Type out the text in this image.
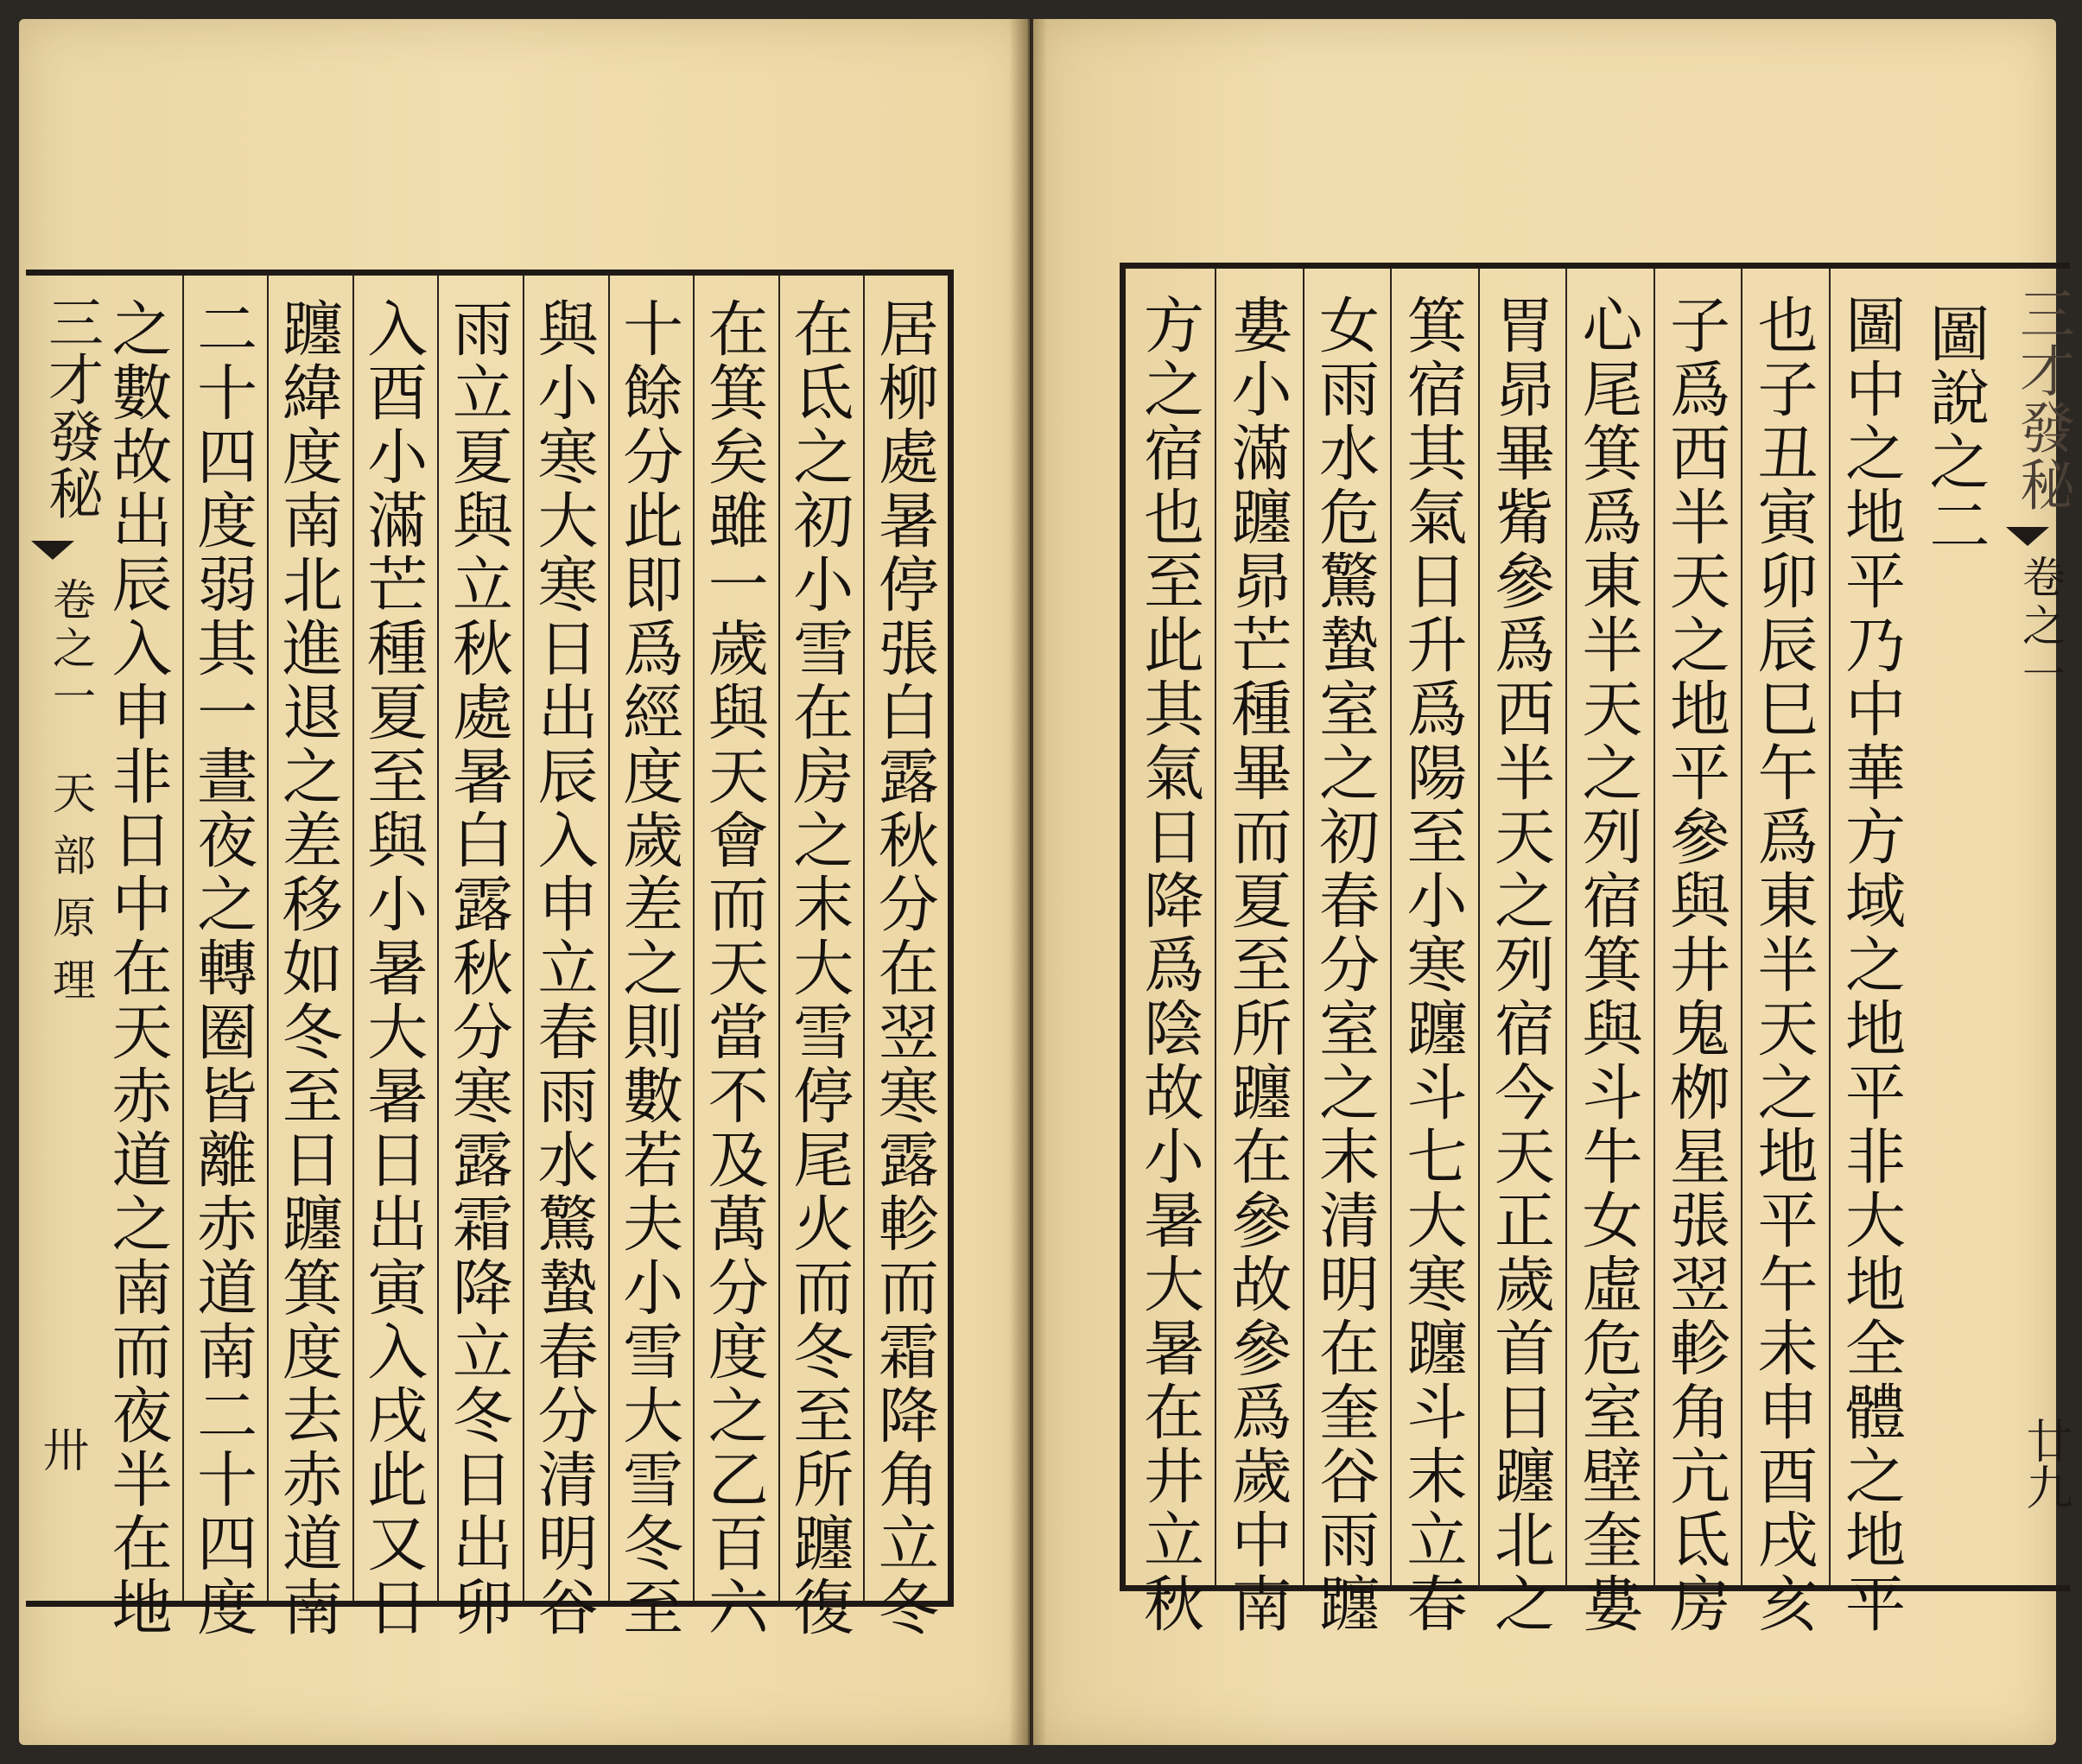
居柳處暑停張白露秋分在翌寒露軫而霜降角立冬
在氐之初小雪在房之末大雪停尾火而冬至所躔復
在箕矣雖一歲與天會而天當不及萬分度之乙百六
十餘分此即爲經度歲差之則數若夫小雪大雪冬至
與小寒大寒日出辰入申立春雨水驚蟄春分清明谷
雨立夏與立秋處暑白露秋分寒露霜降立冬日出卯
入酉小滿芒種夏至與小暑大暑日出寅入戌此又日
躔緯度南北進退之差移如冬至日躔箕度去赤道南
二十四度弱其一晝夜之轉圈皆離赤道南二十四度
之數故出辰入申非日中在天赤道之南而夜半在地
三才發秘
卷之一
天部原理
卅	圖中之地平乃中華方域之地平非大地全體之地平
也子丑寅卯辰巳午爲東半天之地平午未申酉戌亥
子爲西半天之地平參與井鬼栁星張翌軫角亢氐房
心尾箕爲東半天之列宿箕與斗牛女虛危室壁奎婁
胃昴畢觜參爲西半天之列宿今天正歲首日躔北之
箕宿其氣日升爲陽至小寒躔斗七大寒躔斗末立春
女雨水危驚蟄室之初春分室之末清明在奎谷雨躔
婁小滿躔昴芒種畢而夏至所躔在參故參爲歲中南
方之宿也至此其氣日降爲陰故小暑大暑在井立秋	三才發秘
卷之一
廿九
圖說之二
